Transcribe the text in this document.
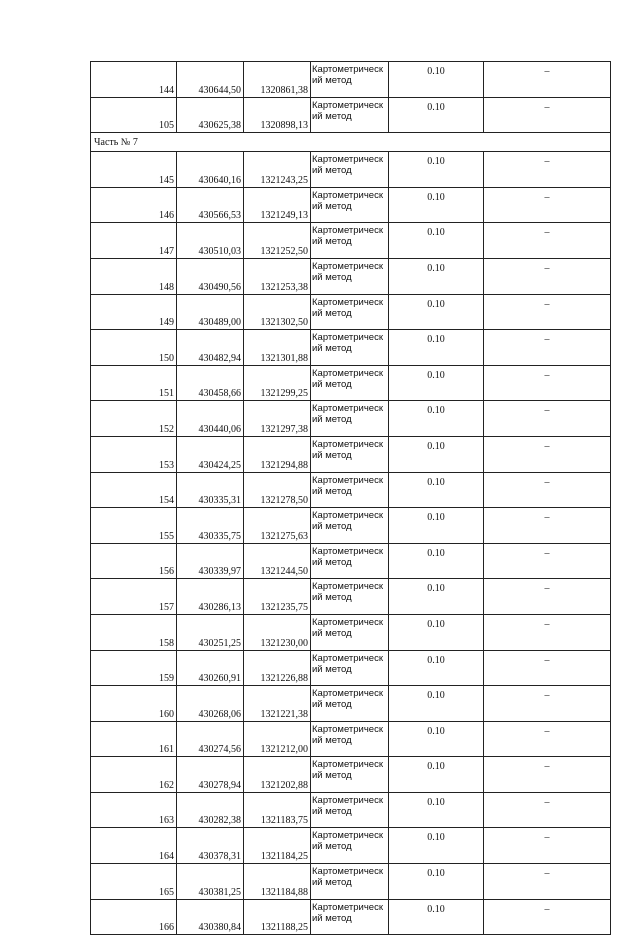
144	430644,50	1320861,38	Картометрическ ий метод	0.10	–
105	430625,38	1320898,13	Картометрическ ий метод	0.10	–
Часть № 7					
145	430640,16	1321243,25	Картометрическ ий метод	0.10	–
146	430566,53	1321249,13	Картометрическ ий метод	0.10	–
147	430510,03	1321252,50	Картометрическ ий метод	0.10	–
148	430490,56	1321253,38	Картометрическ ий метод	0.10	–
149	430489,00	1321302,50	Картометрическ ий метод	0.10	–
150	430482,94	1321301,88	Картометрическ ий метод	0.10	–
151	430458,66	1321299,25	Картометрическ ий метод	0.10	–
152	430440,06	1321297,38	Картометрическ ий метод	0.10	–
153	430424,25	1321294,88	Картометрическ ий метод	0.10	–
154	430335,31	1321278,50	Картометрическ ий метод	0.10	–
155	430335,75	1321275,63	Картометрическ ий метод	0.10	–
156	430339,97	1321244,50	Картометрическ ий метод	0.10	–
157	430286,13	1321235,75	Картометрическ ий метод	0.10	–
158	430251,25	1321230,00	Картометрическ ий метод	0.10	–
159	430260,91	1321226,88	Картометрическ ий метод	0.10	–
160	430268,06	1321221,38	Картометрическ ий метод	0.10	–
161	430274,56	1321212,00	Картометрическ ий метод	0.10	–
162	430278,94	1321202,88	Картометрическ ий метод	0.10	–
163	430282,38	1321183,75	Картометрическ ий метод	0.10	–
164	430378,31	1321184,25	Картометрическ ий метод	0.10	–
165	430381,25	1321184,88	Картометрическ ий метод	0.10	–
166	430380,84	1321188,25	Картометрическ ий метод	0.10	–
